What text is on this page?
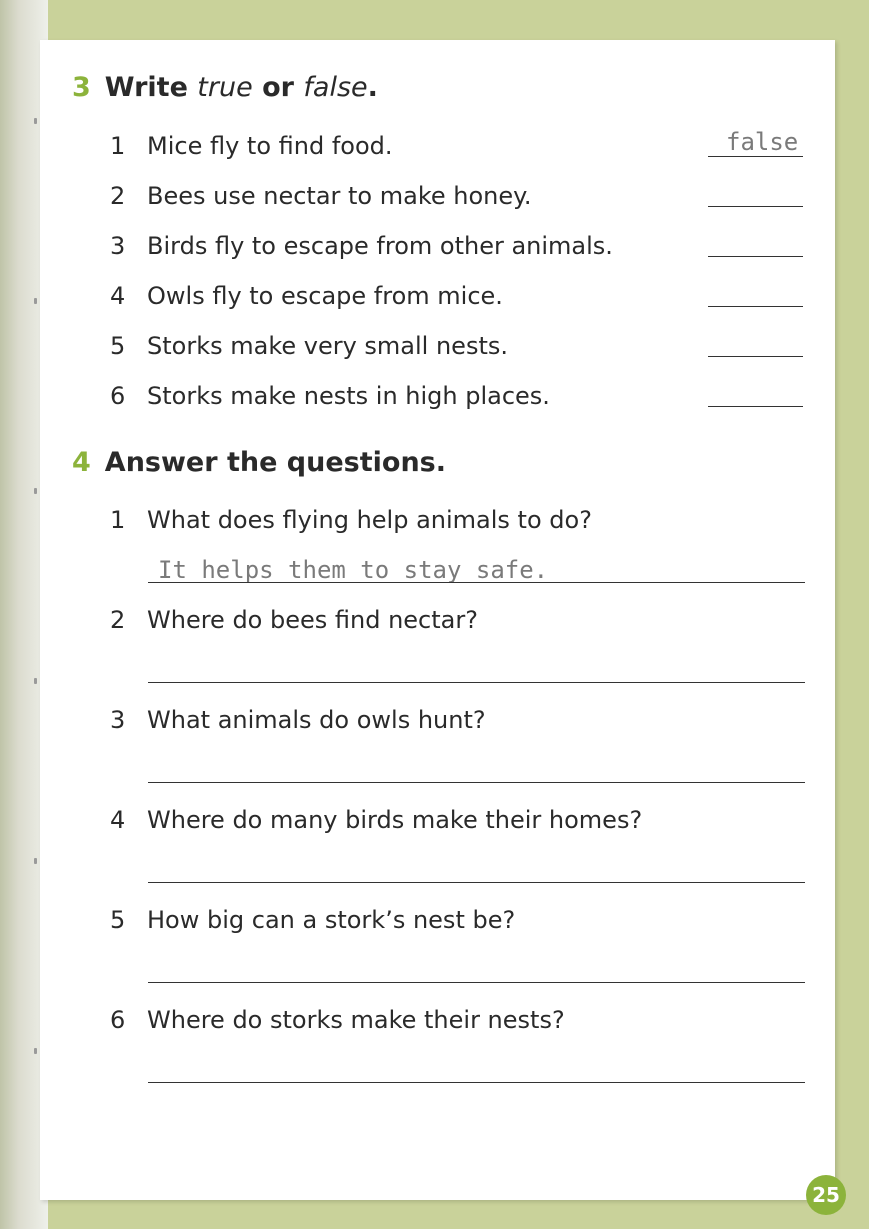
3 Write true or false.
1 Mice fly to find food.	false
2 Bees use nectar to make honey.
3 Birds fly to escape from other animals.
4 Owls fly to escape from mice.
5 Storks make very small nests.
6 Storks make nests in high places.
4 Answer the questions.
1 What does flying help animals to do?
It helps them to stay safe.
2 Where do bees find nectar?
3 What animals do owls hunt?
4 Where do many birds make their homes?
5 How big can a stork’s nest be?
6 Where do storks make their nests?
25
